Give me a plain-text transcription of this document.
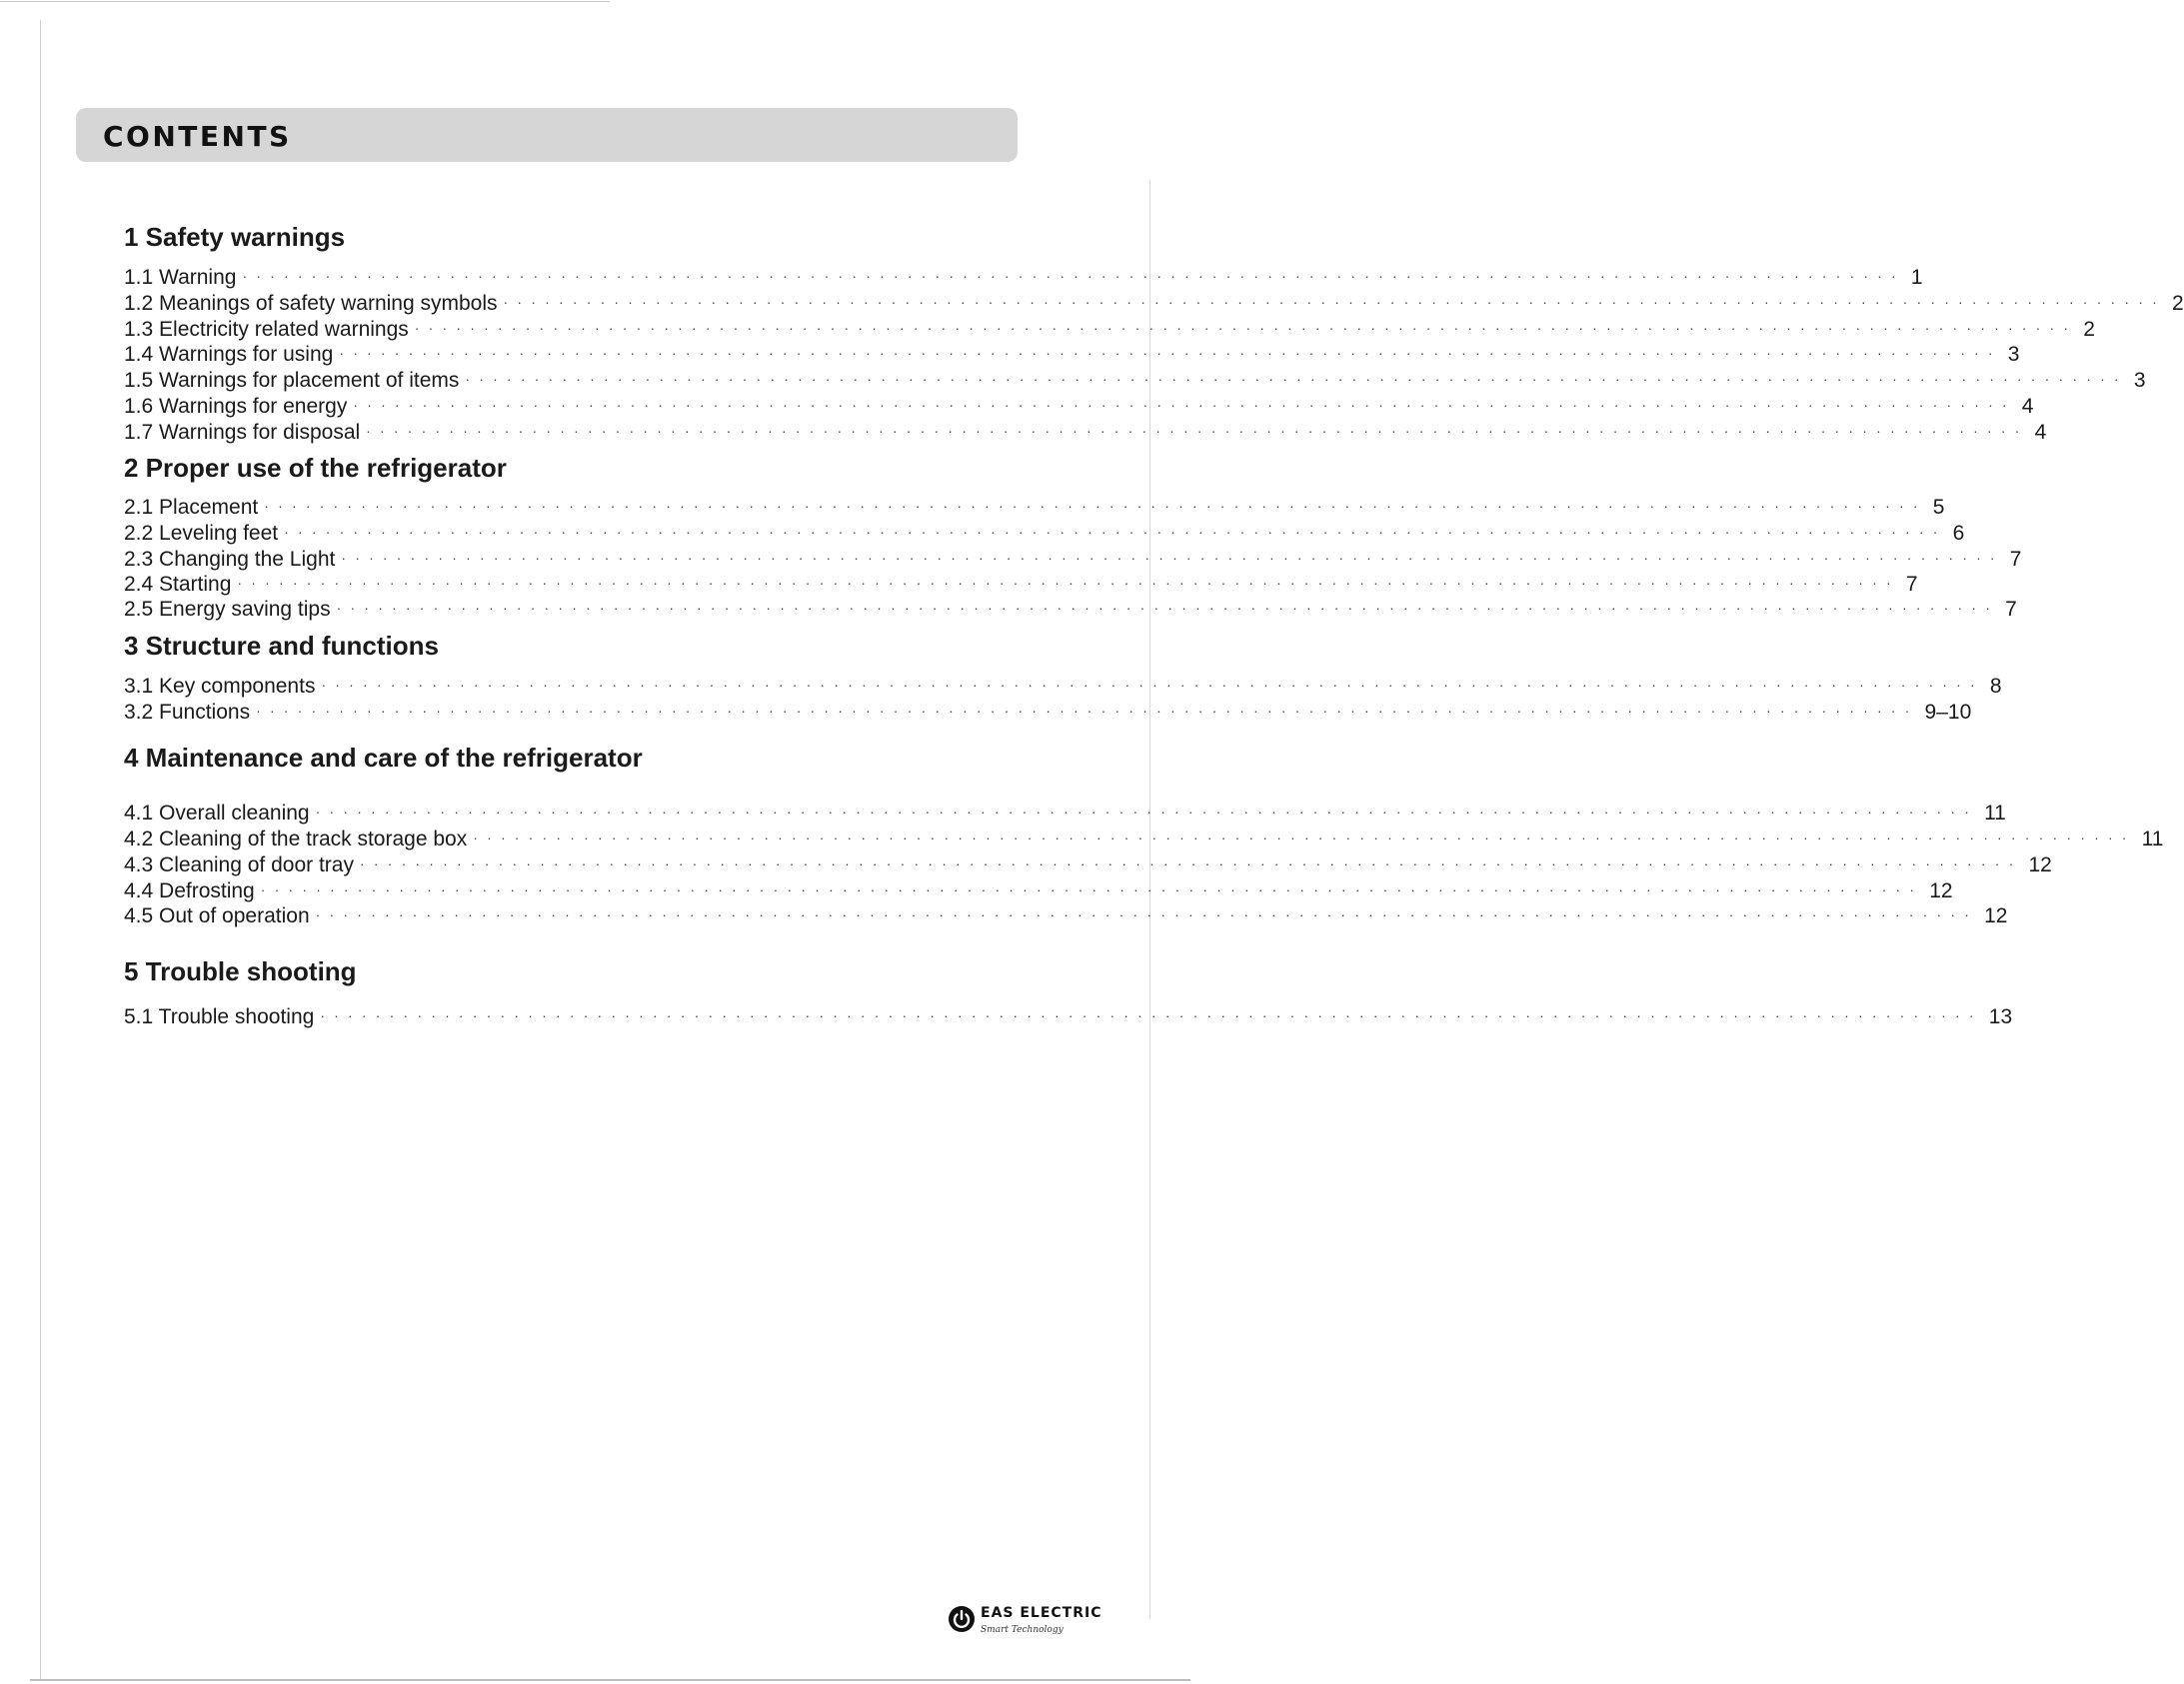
CONTENTS
1 Safety warnings
1.1 Warning ························································································································ 1
1.2 Meanings of safety warning symbols ························································································································ 2
1.3 Electricity related warnings ························································································································ 2
1.4 Warnings for using ························································································································ 3
1.5 Warnings for placement of items ························································································································ 3
1.6 Warnings for energy ························································································································ 4
1.7 Warnings for disposal ························································································································ 4
2 Proper use of the refrigerator
2.1 Placement ························································································································ 5
2.2 Leveling feet ························································································································ 6
2.3 Changing the Light ························································································································ 7
2.4 Starting ························································································································ 7
2.5 Energy saving tips ························································································································ 7
3 Structure and functions
3.1 Key components ························································································································ 8
3.2 Functions ························································································································ 9–10
4 Maintenance and care of the refrigerator
4.1 Overall cleaning ························································································································ 11
4.2 Cleaning of the track storage box ························································································································ 11
4.3 Cleaning of door tray ························································································································ 12
4.4 Defrosting ························································································································ 12
4.5 Out of operation ························································································································ 12
5 Trouble shooting
5.1 Trouble shooting ························································································································ 13
EAS ELECTRIC
Smart Technology
